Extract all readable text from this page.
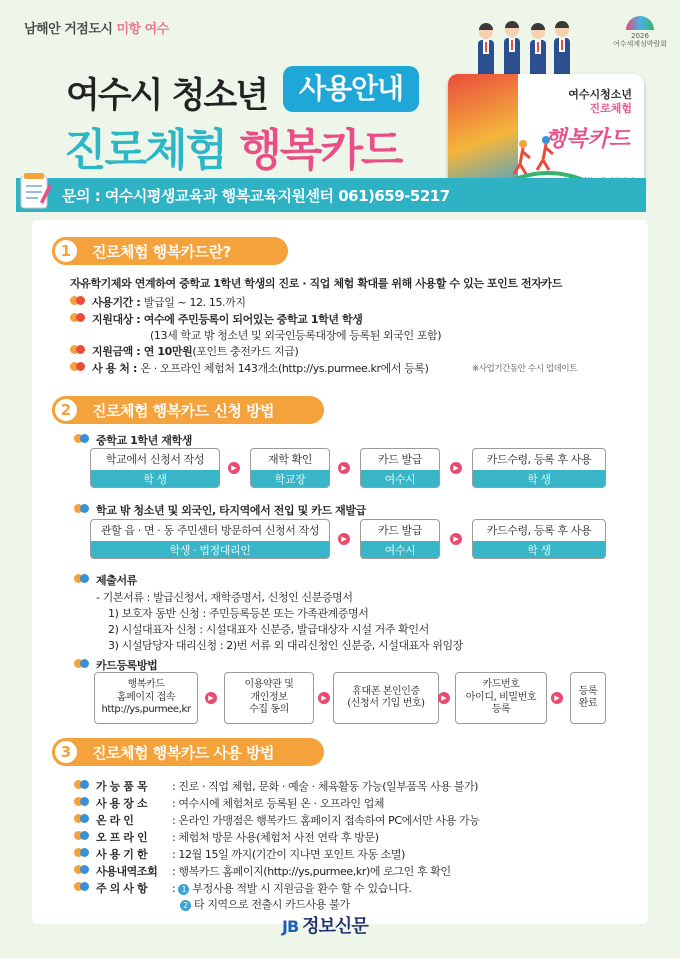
남해안 거점도시 미항 여수	2026
여수세계섬박람회
여수시 청소년	사용안내
진로체험 행복카드
여수시청소년
진로체험
행복카드
문의 : 여수시평생교육과 행복교육지원센터 061)659-5217
1	진로체험 행복카드란?
자유학기제와 연계하여 중학교 1학년 학생의 진로 · 직업 체험 확대를 위해 사용할 수 있는 포인트 전자카드
사용기간 : 발급일 ~ 12. 15.까지
지원대상 : 여수에 주민등록이 되어있는 중학교 1학년 학생
(13세 학교 밖 청소년 및 외국인등록대장에 등록된 외국인 포함)
지원금액 : 연 10만원(포인트 충전카드 지급)
사 용 처 : 온 · 오프라인 체험처 143개소(http://ys.purmee.kr에서 등록)	※사업기간동안 수시 업데이트
2	진로체험 행복카드 신청 방법
중학교 1학년 재학생
학교에서 신청서 작성
학 생
▶
재학 확인
학교장
▶
카드 발급
여수시
▶
카드수령, 등록 후 사용
학 생
학교 밖 청소년 및 외국인, 타지역에서 전입 및 카드 재발급
관할 읍 · 면 · 동 주민센터 방문하여 신청서 작성
학생 · 법정대리인
▶
카드 발급
여수시
▶
카드수령, 등록 후 사용
학 생
제출서류
- 기본서류 : 발급신청서, 재학증명서, 신청인 신분증명서
1) 보호자 동반 신청 : 주민등록등본 또는 가족관계증명서
2) 시설대표자 신청 : 시설대표자 신분증, 발급대상자 시설 거주 확인서
3) 시설담당자 대리신청 : 2)번 서류 외 대리신청인 신분증, 시설대표자 위임장
카드등록방법
행복카드
홈페이지 접속
http://ys,purmee,kr
▶
이용약관 및
개인정보
수집 동의
▶
휴대폰 본인인증
(신청서 기입 번호)	▶
카드번호
아이디, 비밀번호
등록
▶
등록
완료
3	진로체험 행복카드 사용 방법
가 능 품 목	: 진로 · 직업 체험, 문화 · 예술 · 체육활동 가능(일부품목 사용 불가)
사 용 장 소	: 여수시에 체험처로 등록된 온 · 오프라인 업체
온 라 인	: 온라인 가맹점은 행복카드 홈페이지 접속하여 PC에서만 사용 가능
오 프 라 인	: 체험처 방문 사용(체험처 사전 연락 후 방문)
사 용 기 한	: 12월 15일 까지(기간이 지나면 포인트 자동 소멸)
사용내역조회	: 행복카드 홈페이지(http://ys,purmee,kr)에 로그인 후 확인
주 의 사 항	: 1 부정사용 적발 시 지원금을 환수 할 수 있습니다.
2 타 지역으로 전출시 카드사용 불가
JB 정보신문
